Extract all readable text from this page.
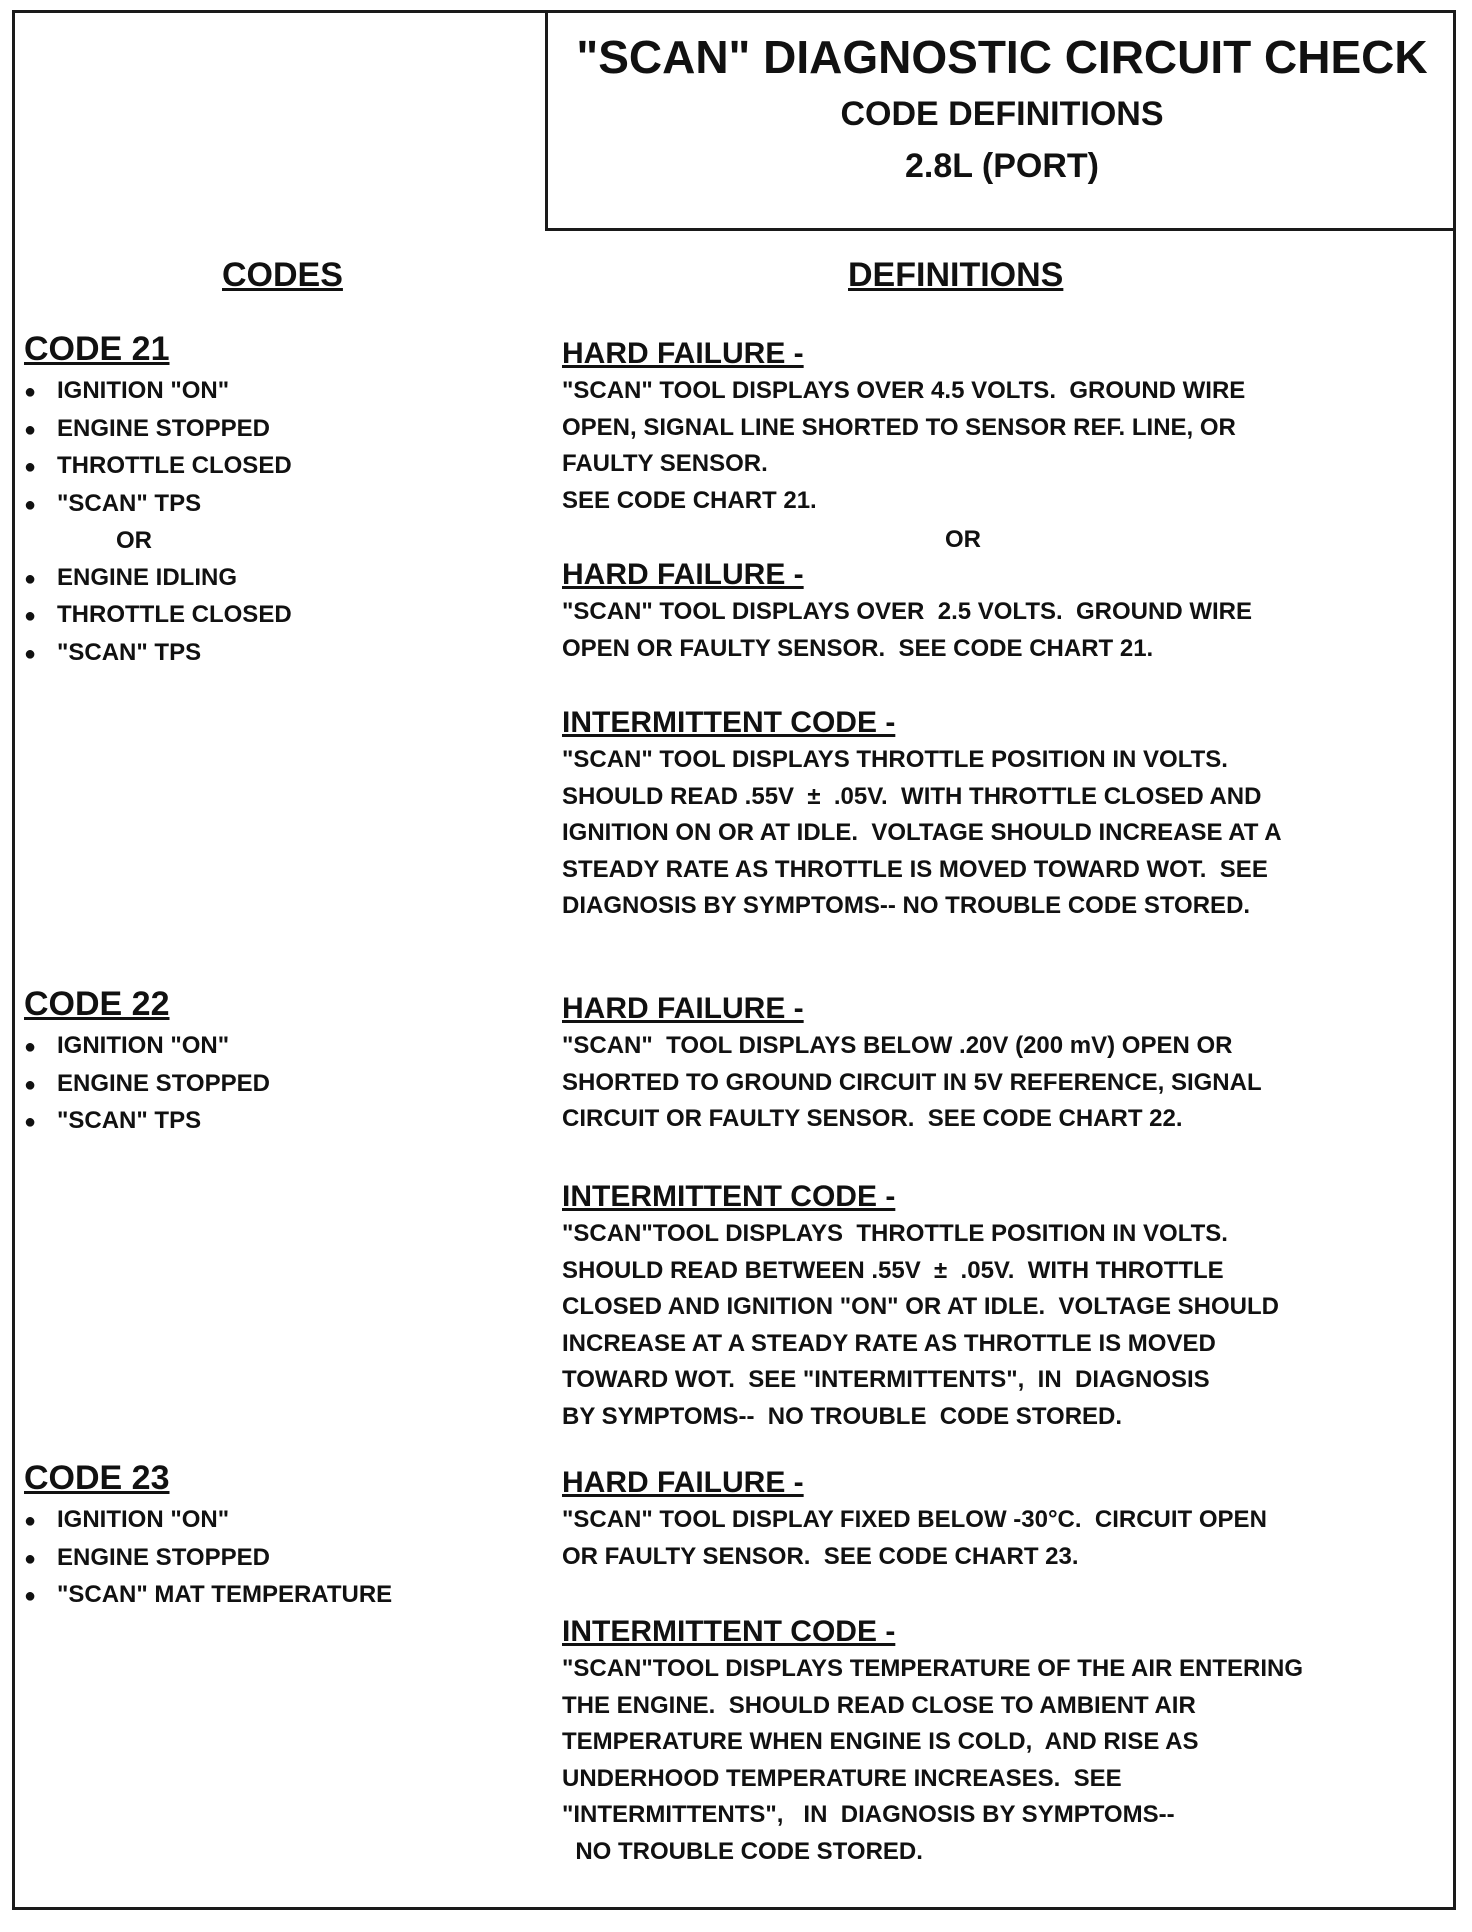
"SCAN" DIAGNOSTIC CIRCUIT CHECK
CODE DEFINITIONS
2.8L (PORT)
CODES	DEFINITIONS
CODE 21
● IGNITION "ON"
● ENGINE STOPPED
● THROTTLE CLOSED
● "SCAN" TPS
OR
● ENGINE IDLING
● THROTTLE CLOSED
● "SCAN" TPS
CODE 22
● IGNITION "ON"
● ENGINE STOPPED
● "SCAN" TPS
CODE 23
● IGNITION "ON"
● ENGINE STOPPED
● "SCAN" MAT TEMPERATURE
HARD FAILURE -
"SCAN" TOOL DISPLAYS OVER 4.5 VOLTS.  GROUND WIRE
OPEN, SIGNAL LINE SHORTED TO SENSOR REF. LINE, OR
FAULTY SENSOR.
SEE CODE CHART 21.
OR
HARD FAILURE -
"SCAN" TOOL DISPLAYS OVER  2.5 VOLTS.  GROUND WIRE
OPEN OR FAULTY SENSOR.  SEE CODE CHART 21.
INTERMITTENT CODE -
"SCAN" TOOL DISPLAYS THROTTLE POSITION IN VOLTS.
SHOULD READ .55V  ±  .05V.  WITH THROTTLE CLOSED AND
IGNITION ON OR AT IDLE.  VOLTAGE SHOULD INCREASE AT A
STEADY RATE AS THROTTLE IS MOVED TOWARD WOT.  SEE
DIAGNOSIS BY SYMPTOMS-- NO TROUBLE CODE STORED.
HARD FAILURE -
"SCAN"  TOOL DISPLAYS BELOW .20V (200 mV) OPEN OR
SHORTED TO GROUND CIRCUIT IN 5V REFERENCE, SIGNAL
CIRCUIT OR FAULTY SENSOR.  SEE CODE CHART 22.
INTERMITTENT CODE -
"SCAN"TOOL DISPLAYS  THROTTLE POSITION IN VOLTS.
SHOULD READ BETWEEN .55V  ±  .05V.  WITH THROTTLE
CLOSED AND IGNITION "ON" OR AT IDLE.  VOLTAGE SHOULD
INCREASE AT A STEADY RATE AS THROTTLE IS MOVED
TOWARD WOT.  SEE "INTERMITTENTS",  IN  DIAGNOSIS
BY SYMPTOMS--  NO TROUBLE  CODE STORED.
HARD FAILURE -
"SCAN" TOOL DISPLAY FIXED BELOW -30°C.  CIRCUIT OPEN
OR FAULTY SENSOR.  SEE CODE CHART 23.
INTERMITTENT CODE -
"SCAN"TOOL DISPLAYS TEMPERATURE OF THE AIR ENTERING
THE ENGINE.  SHOULD READ CLOSE TO AMBIENT AIR
TEMPERATURE WHEN ENGINE IS COLD,  AND RISE AS
UNDERHOOD TEMPERATURE INCREASES.  SEE
"INTERMITTENTS",   IN  DIAGNOSIS BY SYMPTOMS--
NO TROUBLE CODE STORED.
